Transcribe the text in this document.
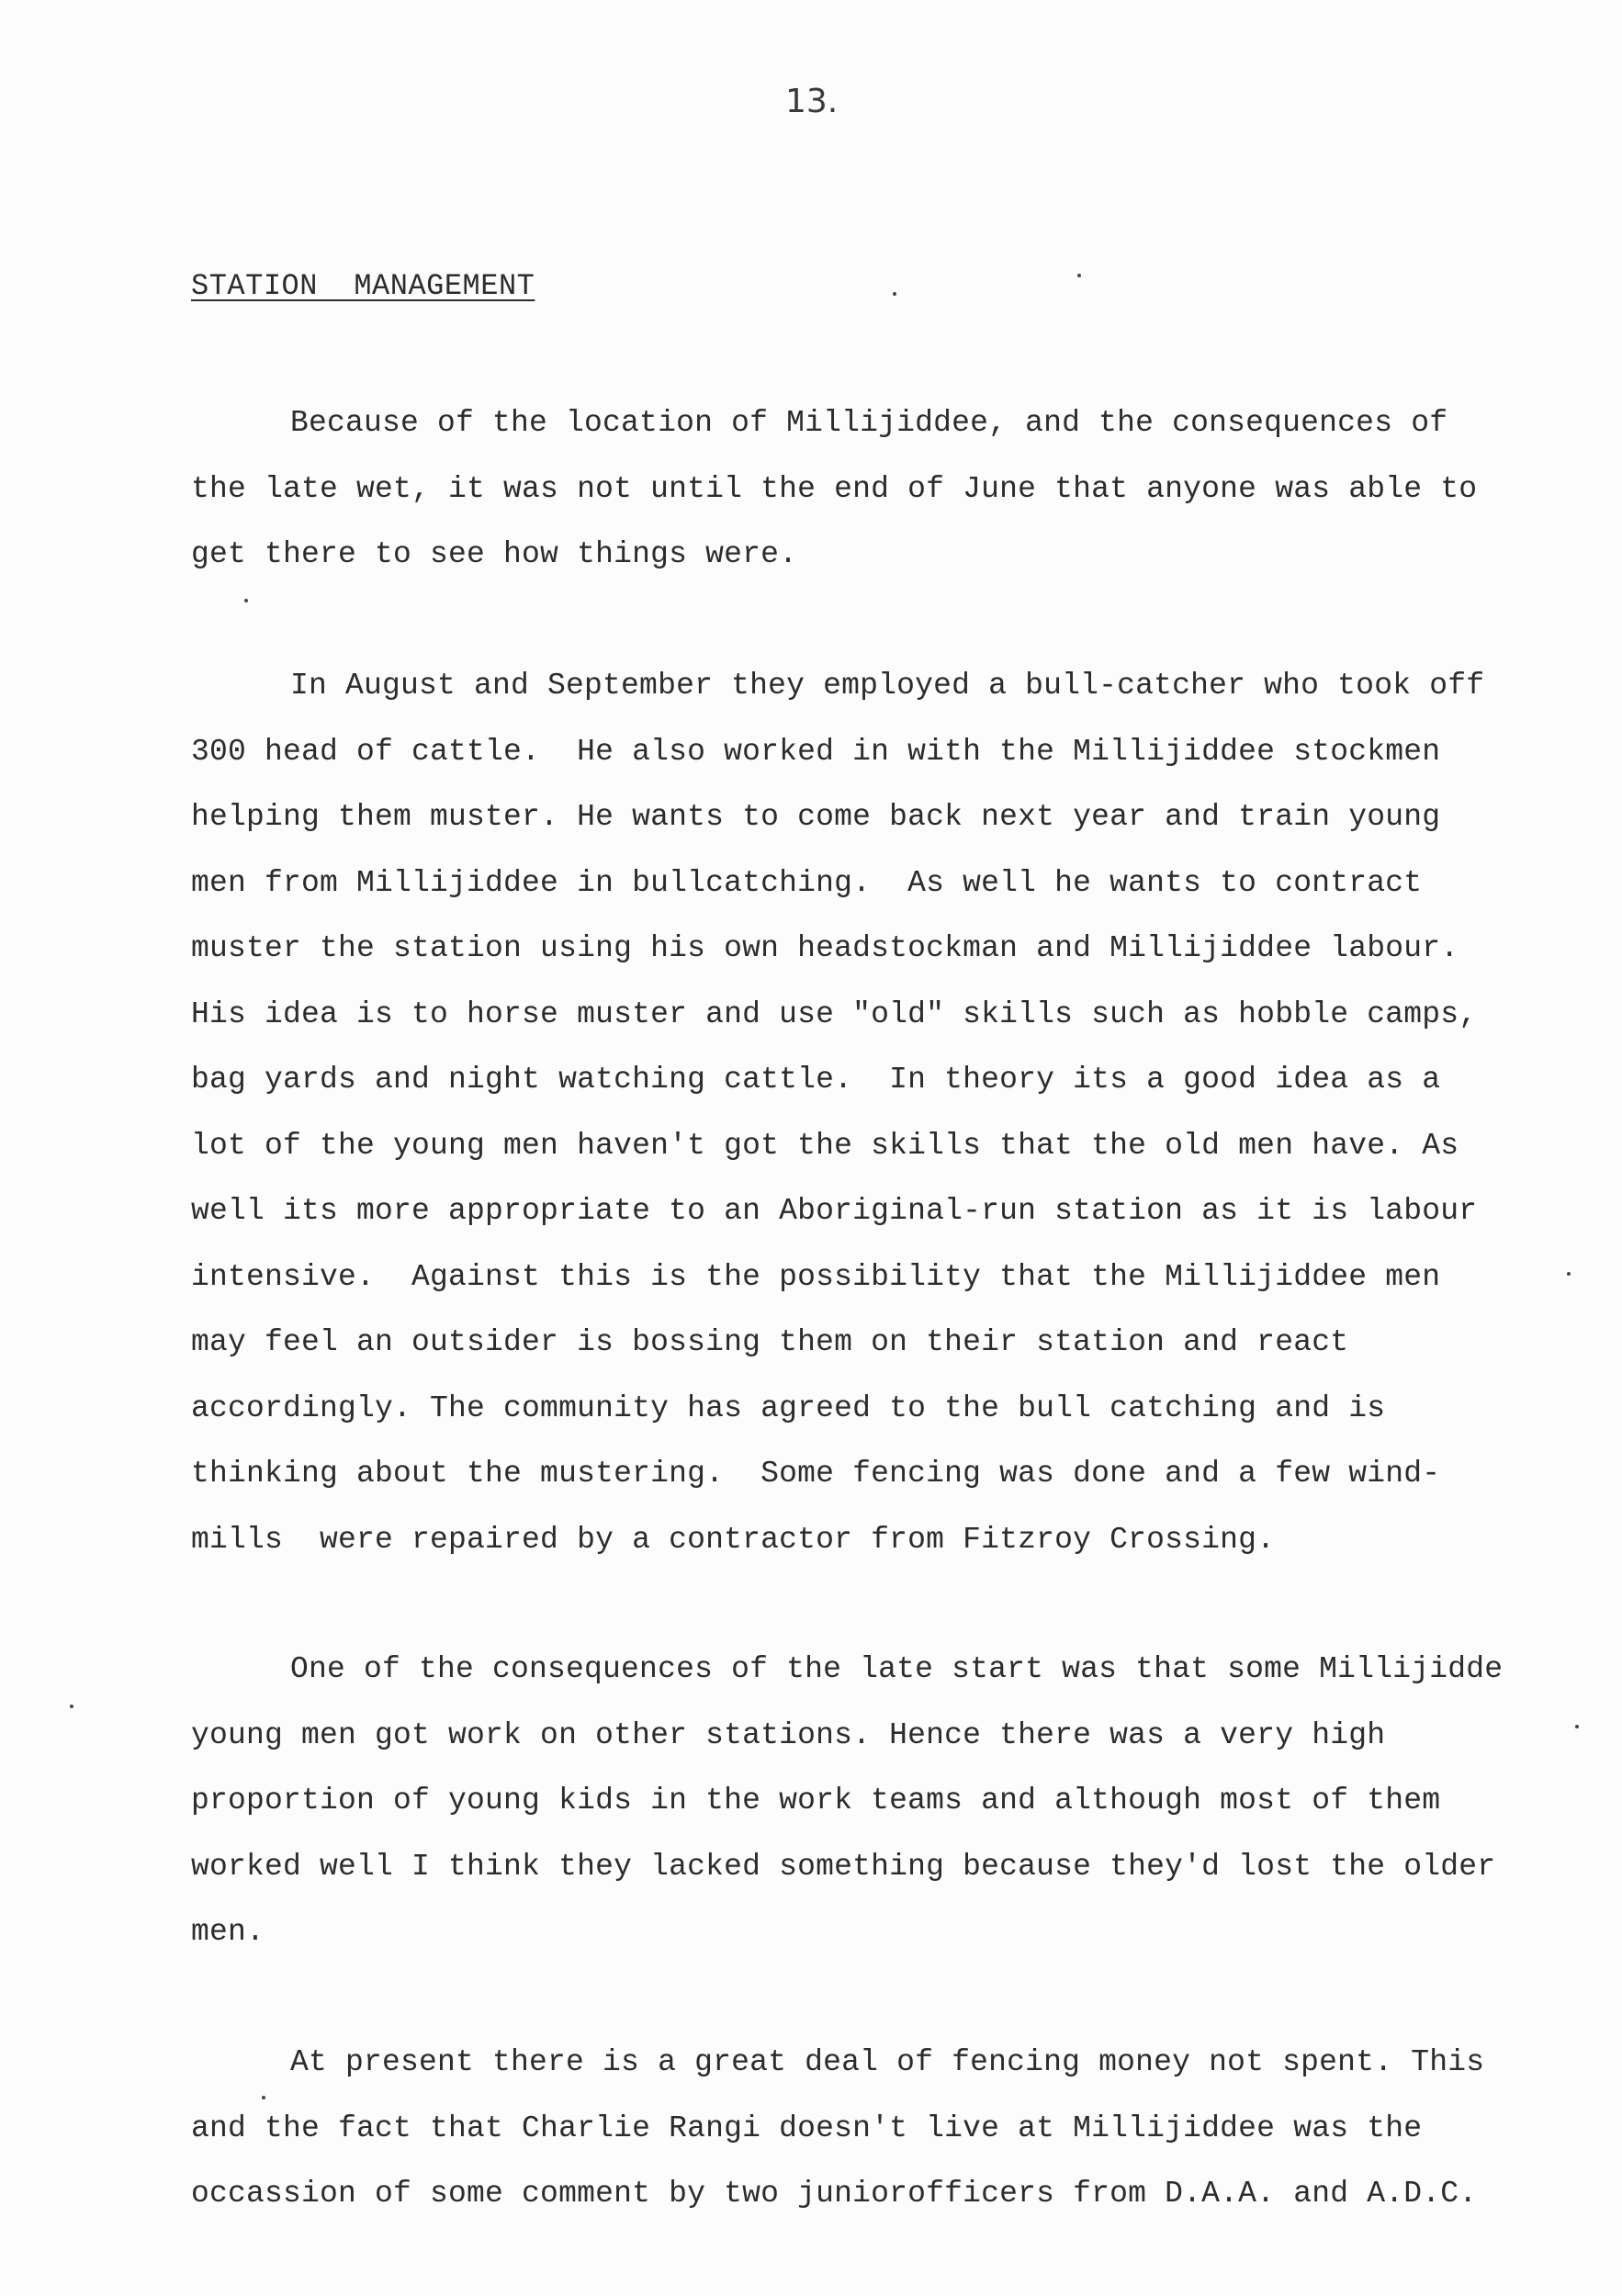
13.
STATION  MANAGEMENT
Because of the location of Millijiddee, and the consequences of
the late wet, it was not until the end of June that anyone was able to
get there to see how things were.
In August and September they employed a bull-catcher who took off
300 head of cattle.  He also worked in with the Millijiddee stockmen
helping them muster. He wants to come back next year and train young
men from Millijiddee in bullcatching.  As well he wants to contract
muster the station using his own headstockman and Millijiddee labour.
His idea is to horse muster and use "old" skills such as hobble camps,
bag yards and night watching cattle.  In theory its a good idea as a
lot of the young men haven't got the skills that the old men have. As
well its more appropriate to an Aboriginal-run station as it is labour
intensive.  Against this is the possibility that the Millijiddee men
may feel an outsider is bossing them on their station and react
accordingly. The community has agreed to the bull catching and is
thinking about the mustering.  Some fencing was done and a few wind-
mills  were repaired by a contractor from Fitzroy Crossing.
One of the consequences of the late start was that some Millijidde
young men got work on other stations. Hence there was a very high
proportion of young kids in the work teams and although most of them
worked well I think they lacked something because they'd lost the older
men.
At present there is a great deal of fencing money not spent. This
and the fact that Charlie Rangi doesn't live at Millijiddee was the
occassion of some comment by two juniorofficers from D.A.A. and A.D.C.
